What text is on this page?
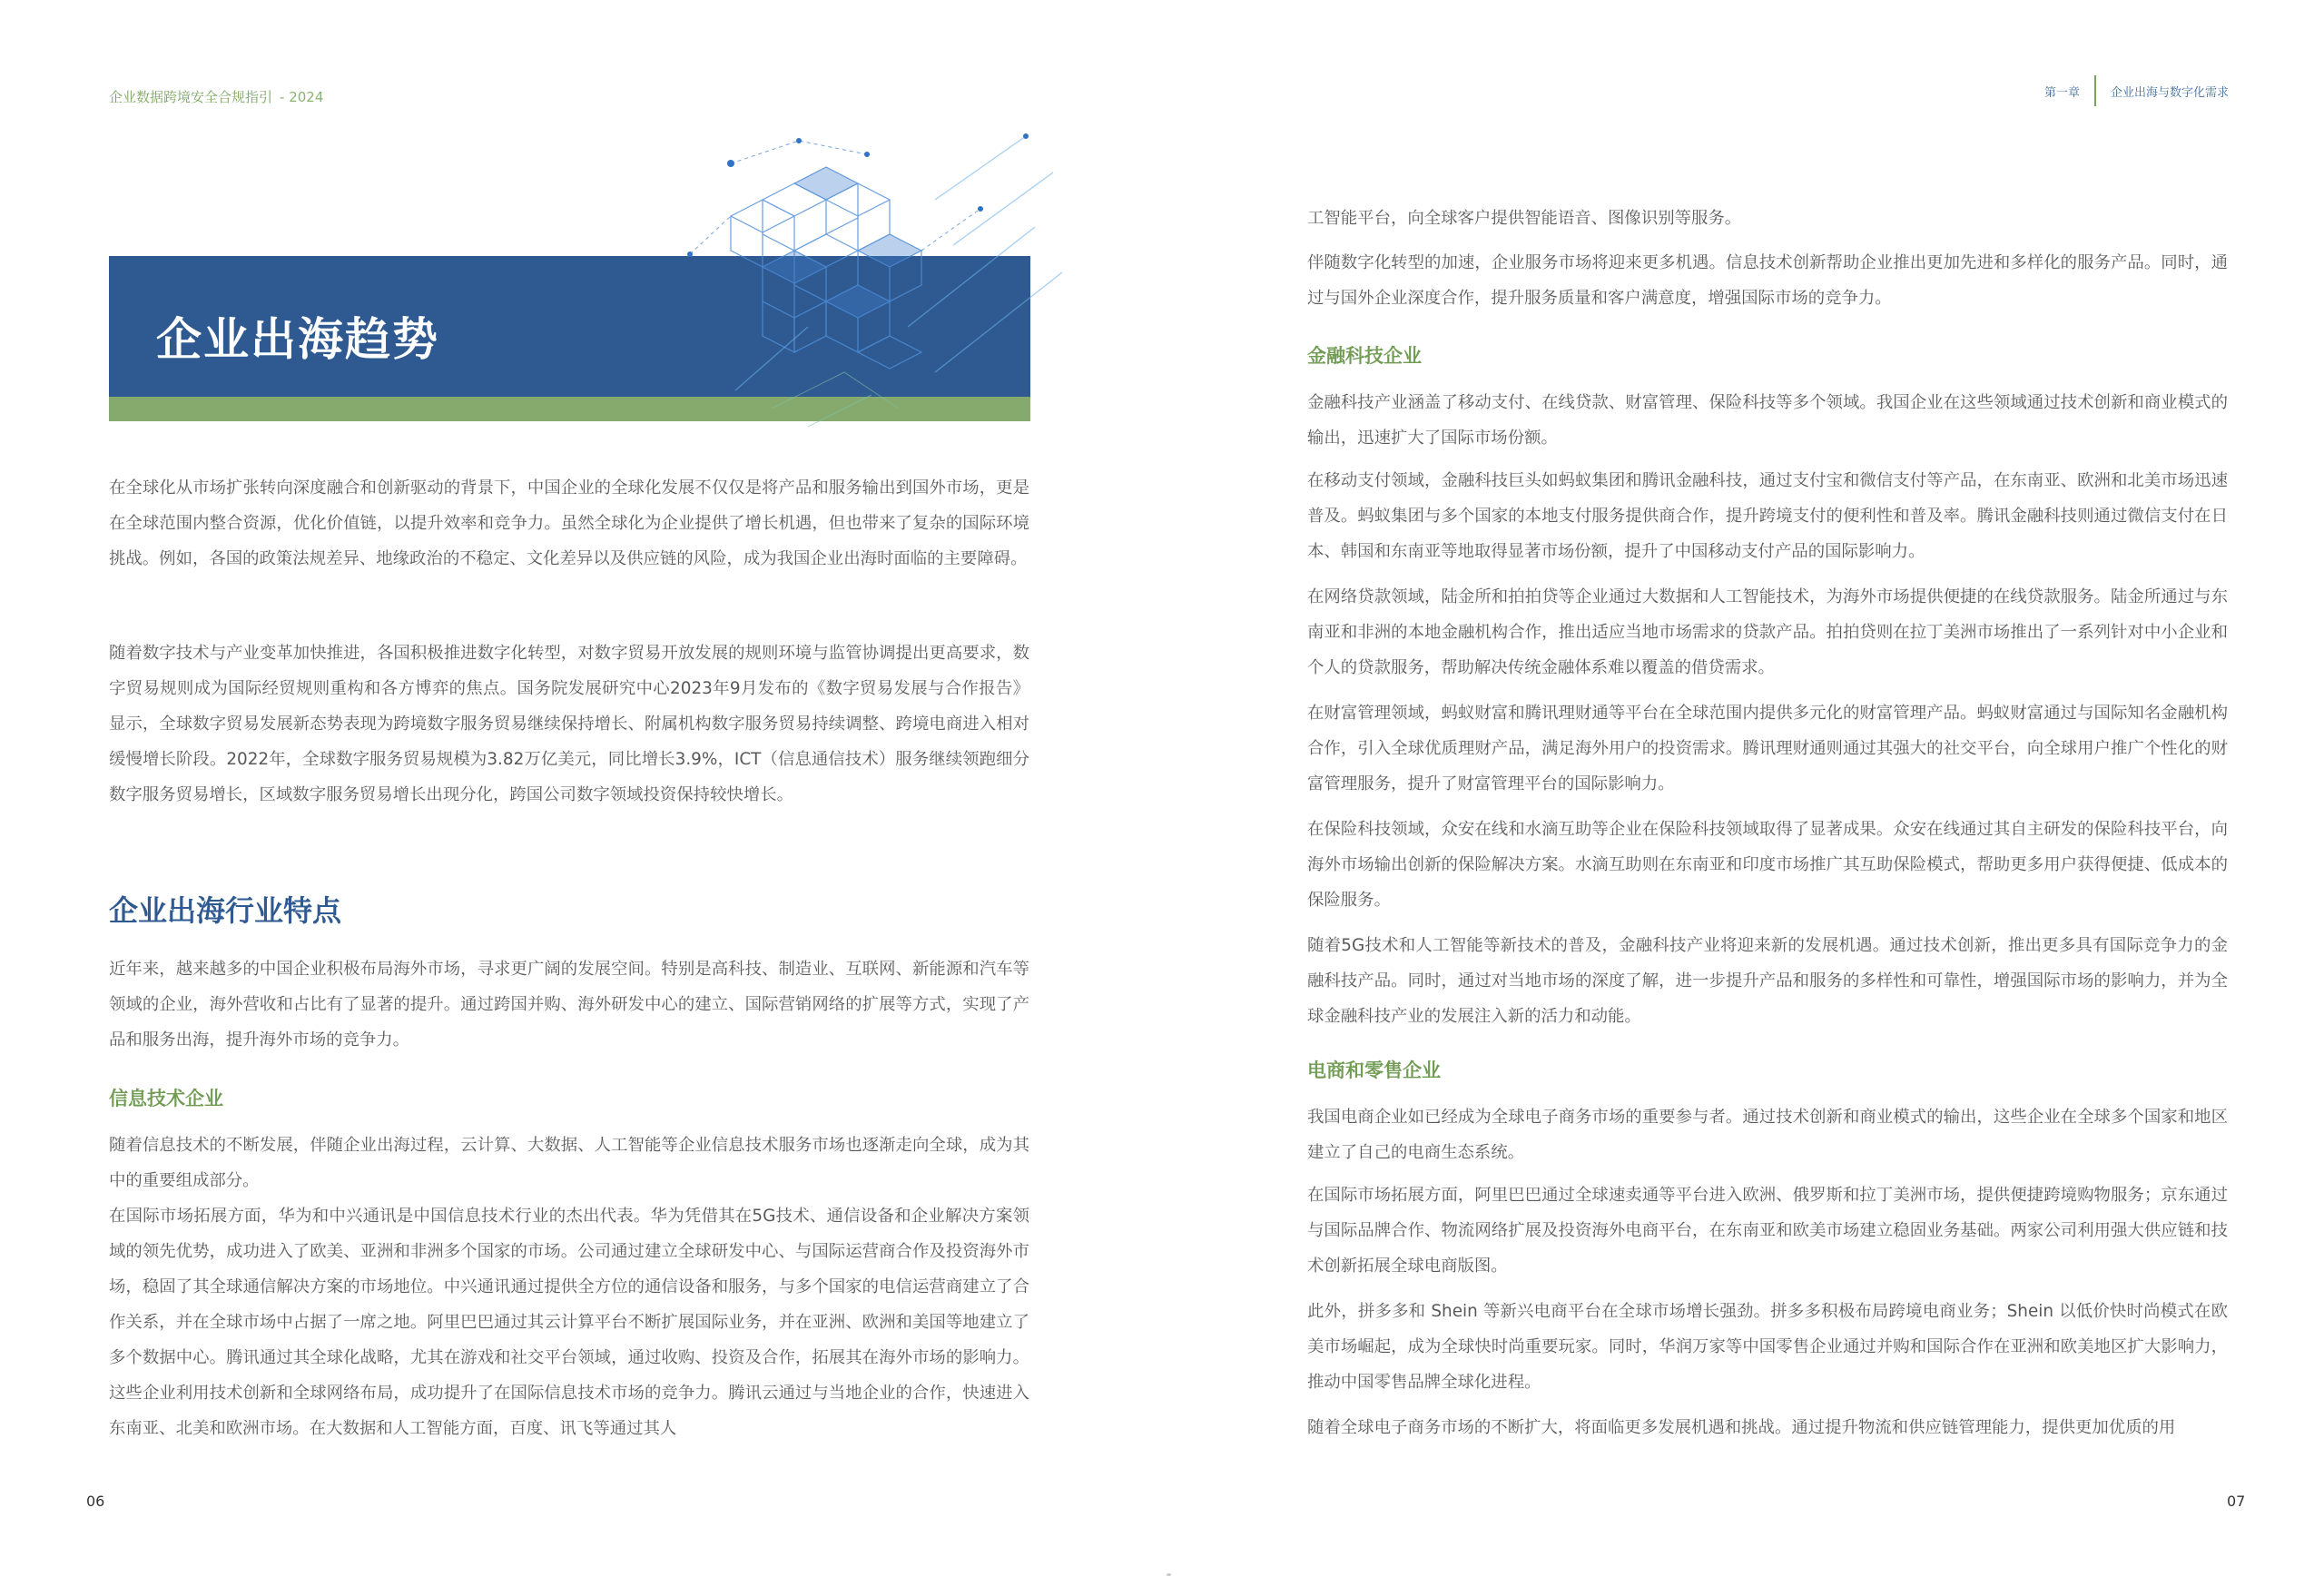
企业数据跨境安全合规指引 - 2024
企业出海趋势

在全球化从市场扩张转向深度融合和创新驱动的背景下，中国企业的全球化发展不仅仅是将产品和服务输出到国外市场，更是在全球范围内整合资源，优化价值链，以提升效率和竞争力。虽然全球化为企业提供了增长机遇，但也带来了复杂的国际环境挑战。例如，各国的政策法规差异、地缘政治的不稳定、文化差异以及供应链的风险，成为我国企业出海时面临的主要障碍。

随着数字技术与产业变革加快推进，各国积极推进数字化转型，对数字贸易开放发展的规则环境与监管协调提出更高要求，数字贸易规则成为国际经贸规则重构和各方博弈的焦点。国务院发展研究中心2023年9月发布的《数字贸易发展与合作报告》显示，全球数字贸易发展新态势表现为跨境数字服务贸易继续保持增长、附属机构数字服务贸易持续调整、跨境电商进入相对缓慢增长阶段。2022年，全球数字服务贸易规模为3.82万亿美元，同比增长3.9%，ICT（信息通信技术）服务继续领跑细分数字服务贸易增长，区域数字服务贸易增长出现分化，跨国公司数字领域投资保持较快增长。

企业出海行业特点

近年来，越来越多的中国企业积极布局海外市场，寻求更广阔的发展空间。特别是高科技、制造业、互联网、新能源和汽车等领域的企业，海外营收和占比有了显著的提升。通过跨国并购、海外研发中心的建立、国际营销网络的扩展等方式，实现了产品和服务出海，提升海外市场的竞争力。

信息技术企业

随着信息技术的不断发展，伴随企业出海过程，云计算、大数据、人工智能等企业信息技术服务市场也逐渐走向全球，成为其中的重要组成部分。

在国际市场拓展方面，华为和中兴通讯是中国信息技术行业的杰出代表。华为凭借其在5G技术、通信设备和企业解决方案领域的领先优势，成功进入了欧美、亚洲和非洲多个国家的市场。公司通过建立全球研发中心、与国际运营商合作及投资海外市场，稳固了其全球通信解决方案的市场地位。中兴通讯通过提供全方位的通信设备和服务，与多个国家的电信运营商建立了合作关系，并在全球市场中占据了一席之地。阿里巴巴通过其云计算平台不断扩展国际业务，并在亚洲、欧洲和美国等地建立了多个数据中心。腾讯通过其全球化战略，尤其在游戏和社交平台领域，通过收购、投资及合作，拓展其在海外市场的影响力。这些企业利用技术创新和全球网络布局，成功提升了在国际信息技术市场的竞争力。腾讯云通过与当地企业的合作，快速进入东南亚、北美和欧洲市场。在大数据和人工智能方面，百度、讯飞等通过其人

06
第一章	企业出海与数字化需求

工智能平台，向全球客户提供智能语音、图像识别等服务。

伴随数字化转型的加速，企业服务市场将迎来更多机遇。信息技术创新帮助企业推出更加先进和多样化的服务产品。同时，通过与国外企业深度合作，提升服务质量和客户满意度，增强国际市场的竞争力。

金融科技企业

金融科技产业涵盖了移动支付、在线贷款、财富管理、保险科技等多个领域。我国企业在这些领域通过技术创新和商业模式的输出，迅速扩大了国际市场份额。

在移动支付领域，金融科技巨头如蚂蚁集团和腾讯金融科技，通过支付宝和微信支付等产品，在东南亚、欧洲和北美市场迅速普及。蚂蚁集团与多个国家的本地支付服务提供商合作，提升跨境支付的便利性和普及率。腾讯金融科技则通过微信支付在日本、韩国和东南亚等地取得显著市场份额，提升了中国移动支付产品的国际影响力。

在网络贷款领域，陆金所和拍拍贷等企业通过大数据和人工智能技术，为海外市场提供便捷的在线贷款服务。陆金所通过与东南亚和非洲的本地金融机构合作，推出适应当地市场需求的贷款产品。拍拍贷则在拉丁美洲市场推出了一系列针对中小企业和个人的贷款服务，帮助解决传统金融体系难以覆盖的借贷需求。

在财富管理领域，蚂蚁财富和腾讯理财通等平台在全球范围内提供多元化的财富管理产品。蚂蚁财富通过与国际知名金融机构合作，引入全球优质理财产品，满足海外用户的投资需求。腾讯理财通则通过其强大的社交平台，向全球用户推广个性化的财富管理服务，提升了财富管理平台的国际影响力。

在保险科技领域，众安在线和水滴互助等企业在保险科技领域取得了显著成果。众安在线通过其自主研发的保险科技平台，向海外市场输出创新的保险解决方案。水滴互助则在东南亚和印度市场推广其互助保险模式，帮助更多用户获得便捷、低成本的保险服务。

随着5G技术和人工智能等新技术的普及，金融科技产业将迎来新的发展机遇。通过技术创新，推出更多具有国际竞争力的金融科技产品。同时，通过对当地市场的深度了解，进一步提升产品和服务的多样性和可靠性，增强国际市场的影响力，并为全球金融科技产业的发展注入新的活力和动能。

电商和零售企业

我国电商企业如已经成为全球电子商务市场的重要参与者。通过技术创新和商业模式的输出，这些企业在全球多个国家和地区建立了自己的电商生态系统。

在国际市场拓展方面，阿里巴巴通过全球速卖通等平台进入欧洲、俄罗斯和拉丁美洲市场，提供便捷跨境购物服务；京东通过与国际品牌合作、物流网络扩展及投资海外电商平台，在东南亚和欧美市场建立稳固业务基础。两家公司利用强大供应链和技术创新拓展全球电商版图。

此外，拼多多和 Shein 等新兴电商平台在全球市场增长强劲。拼多多积极布局跨境电商业务；Shein 以低价快时尚模式在欧美市场崛起，成为全球快时尚重要玩家。同时，华润万家等中国零售企业通过并购和国际合作在亚洲和欧美地区扩大影响力，推动中国零售品牌全球化进程。

随着全球电子商务市场的不断扩大，将面临更多发展机遇和挑战。通过提升物流和供应链管理能力，提供更加优质的用

07
